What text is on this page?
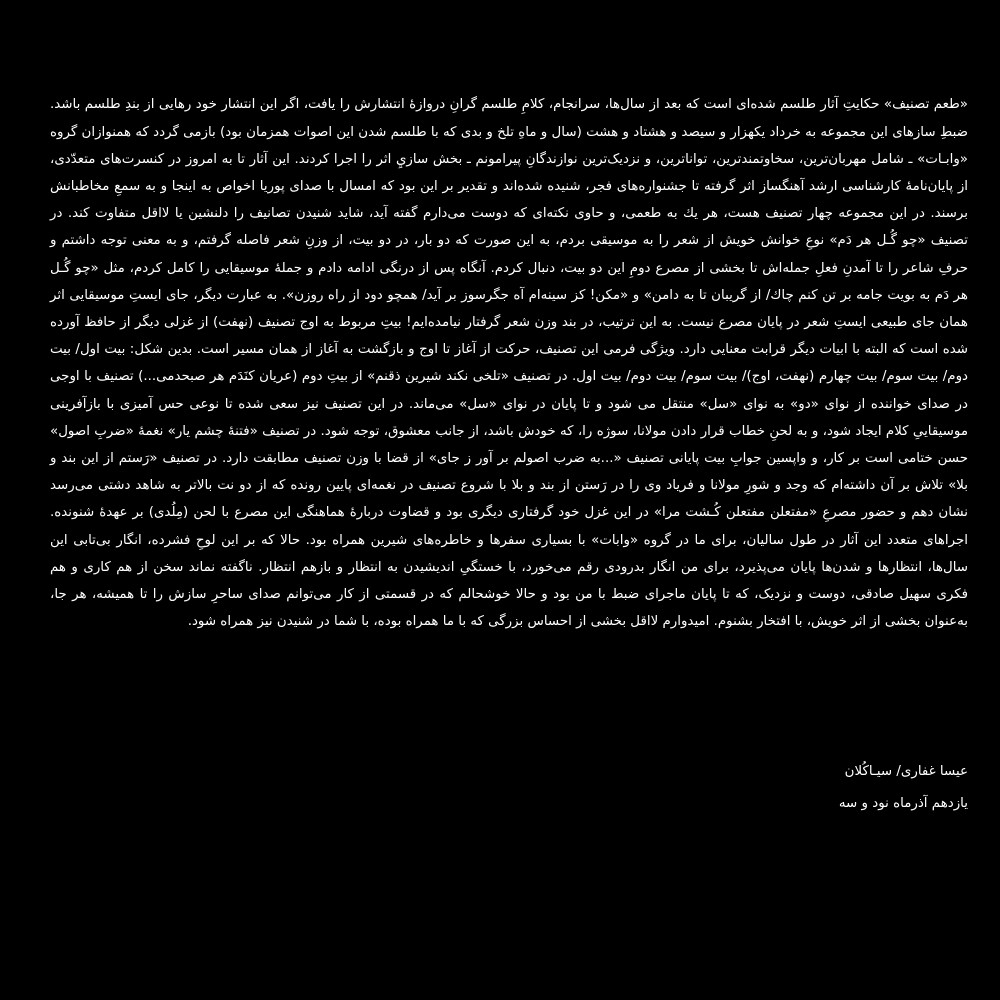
«طعم تصنیف» حکایتِ آثار طلسم شده‌ای است که بعد از سال‌ها، سرانجام، کلامِ طلسم گرانِ دروازهٔ انتشارش را یافت، اگر این انتشار خود رهایی از بندِ طلسم باشد. ضبطِ سازهای این مجموعه به خرداد یکهزار و سیصد و هشتاد و هشت (سال و ماهِ تلخ و بدی که با طلسم شدن این اصوات همزمان بود) بازمی گردد که همنوازان گروه «وابـات» ـ شامل مهربان‌ترین، سخاوتمندترین، تواناترین، و نزدیک‌ترین نوازندگانِ پیرامونم ـ بخش سازيِ اثر را اجرا کردند. این آثار تا به امروز در کنسرت‌های متعدّدی، از پایان‌نامهٔ کارشناسی ارشد آهنگساز اثر گرفته تا جشنواره‌های فجر، شنیده شده‌اند و تقدیر بر این بود که امسال با صدای پوریا اخواص به اینجا و به سمعِ مخاطبانش برسند. در این مجموعه چهار تصنیف هست، هر یك به طعمی، و حاوی نکته‌ای که دوست می‌دارم گفته آید، شاید شنیدن تصانیف را دلنشین یا لااقل متفاوت کند. در تصنیف «چو گُـل هر دَم» نوعِ خوانش خویش از شعر را به موسیقی بردم، به این صورت که دو بار، در دو بیت، از وزنِ شعر فاصله گرفتم، و به معنی توجه داشتم و حرفِ شاعر را تا آمدنِ فعلِ جمله‌اش تا بخشی از مصرع دومِ این دو بیت، دنبال کردم. آنگاه پس از درنگی ادامه دادم و جملهٔ موسیقایی را کامل کردم، مثل «چو گُـل هر دَم به بویت جامه بر تن کنم چاك/ از گریبان تا به دامن» و «مکن! کز سینه‌ام آه جگرسوز بر آید/ همچو دود از راه روزن». به عبارت دیگر، جای ایستِ موسیقایی اثر همان جای طبیعی ایستِ شعر در پایان مصرع نیست. به این ترتیب، در بند وزن شعر گرفتار نیامده‌ایم! بیتِ مربوط به اوج تصنیف (نهفت) از غزلی دیگر از حافظ آورده شده است که البته با ابیات دیگر قرابت معنایی دارد. ویژگی فرمی این تصنیف، حرکت از آغاز تا اوج و بازگشت به آغاز از همان مسیر است. بدین شکل: بیت اول/ بیت دوم/ بیت سوم/ بیت چهارم (نهفت، اوج)/ بیت سوم/ بیت دوم/ بیت اول. در تصنیف «تلخی نکند شیرین ذقنم» از بیتِ دوم (عریان کنَدَم هر صبحدمی...) تصنیف با اوجی در صدای خواننده از نوای «دو» به نوای «سل» منتقل می شود و تا پایان در نوای «سل» می‌ماند. در این تصنیف نیز سعی شده تا نوعی حس آمیزی با بازآفرینی موسیقاییِ کلام ایجاد شود، و به لحنِ خطاب قرار دادن مولانا، سوژه را، که خودش باشد، از جانب معشوق، توجه شود. در تصنیف «فتنهٔ چشم یار» نغمهٔ «ضربِ اصول» حسن ختامی است بر کار، و واپسین جوابِ بیت پایانی تصنیف «...به ضرب اصولم بر آور ز جای» از قضا با وزن تصنیف مطابقت دارد. در تصنیف «رَستم از این بند و بلا» تلاش بر آن داشته‌ام که وجد و شورِ مولانا و فریاد وی را در رَستن از بند و بلا با شروع تصنیف در نغمه‌ای پایین رونده که از دو نت بالاتر به شاهد دشتی می‌رسد نشان دهم و حضور مصرعِ «مفتعلن مفتعلن کُـشت مرا» در این غزل خود گرفتاری دیگری بود و قضاوت درباره‌ٔ هماهنگی این مصرع با لحن (مِلُدی) بر عهدهٔ شنونده. اجراهای متعدد این آثار در طول سالیان، برای ما در گروه «وابات» با بسیاری سفرها و خاطره‌های شیرین همراه بود. حالا که بر این لوحِ فشرده، انگار بی‌تابی این سال‌ها، انتظارها و شدن‌ها پایان می‌پذیرد، برای من انگار بدرودی رقم می‌خورد، با خستگیِ اندیشیدن به انتظار و بازهم انتظار. ناگفته نماند سخن از هم کاری و هم فکری سهیل صادقی، دوست و نزدیک، که تا پایان ماجرای ضبط با من بود و حالا خوشحالم که در قسمتی از کار می‌توانم صدای ساحرِ سازش را تا همیشه، هر جا، به‌عنوان بخشی از اثر خویش، با افتخار بشنوم. امیدوارم لااقل بخشی از احساس بزرگی که با ما همراه بوده، با شما در شنیدن نیز همراه شود.

عیسا غفاری/ سیـاکُلان
یازدهم آذرماه نود و سه
